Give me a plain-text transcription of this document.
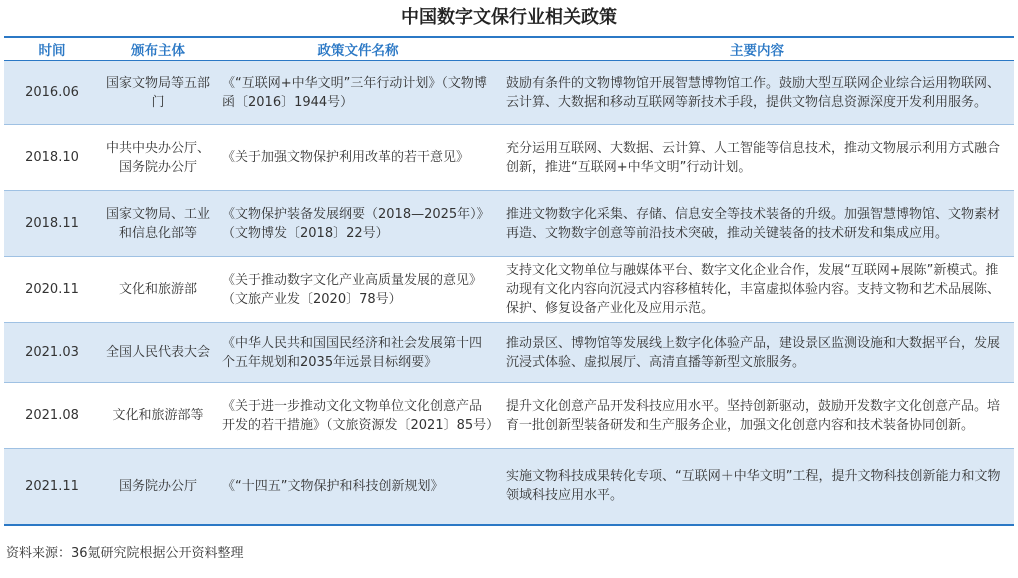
中国数字文保行业相关政策
时间	颁布主体	政策文件名称	主要内容
2016.06	国家文物局等五部门	《“互联网+中华文明”三年行动计划》（文物博函〔2016〕1944号）	鼓励有条件的文物博物馆开展智慧博物馆工作。鼓励大型互联网企业综合运用物联网、云计算、大数据和移动互联网等新技术手段，提供文物信息资源深度开发利用服务。
2018.10	中共中央办公厅、国务院办公厅	《关于加强文物保护利用改革的若干意见》	充分运用互联网、大数据、云计算、人工智能等信息技术，推动文物展示利用方式融合创新，推进“互联网+中华文明”行动计划。
2018.11	国家文物局、工业和信息化部等	《文物保护装备发展纲要（2018—2025年）》（文物博发〔2018〕22号）	推进文物数字化采集、存储、信息安全等技术装备的升级。加强智慧博物馆、文物素材再造、文物数字创意等前沿技术突破，推动关键装备的技术研发和集成应用。
2020.11	文化和旅游部	《关于推动数字文化产业高质量发展的意见》（文旅产业发〔2020〕78号）	支持文化文物单位与融媒体平台、数字文化企业合作，发展“互联网+展陈”新模式。推动现有文化内容向沉浸式内容移植转化，丰富虚拟体验内容。支持文物和艺术品展陈、保护、修复设备产业化及应用示范。
2021.03	全国人民代表大会	《中华人民共和国国民经济和社会发展第十四个五年规划和2035年远景目标纲要》	推动景区、博物馆等发展线上数字化体验产品，建设景区监测设施和大数据平台，发展沉浸式体验、虚拟展厅、高清直播等新型文旅服务。
2021.08	文化和旅游部等	《关于进一步推动文化文物单位文化创意产品开发的若干措施》（文旅资源发〔2021〕85号）	提升文化创意产品开发科技应用水平。坚持创新驱动，鼓励开发数字文化创意产品。培育一批创新型装备研发和生产服务企业，加强文化创意内容和技术装备协同创新。
2021.11	国务院办公厅	《“十四五”文物保护和科技创新规划》	实施文物科技成果转化专项、“互联网＋中华文明”工程，提升文物科技创新能力和文物领域科技应用水平。
资料来源：36氪研究院根据公开资料整理
